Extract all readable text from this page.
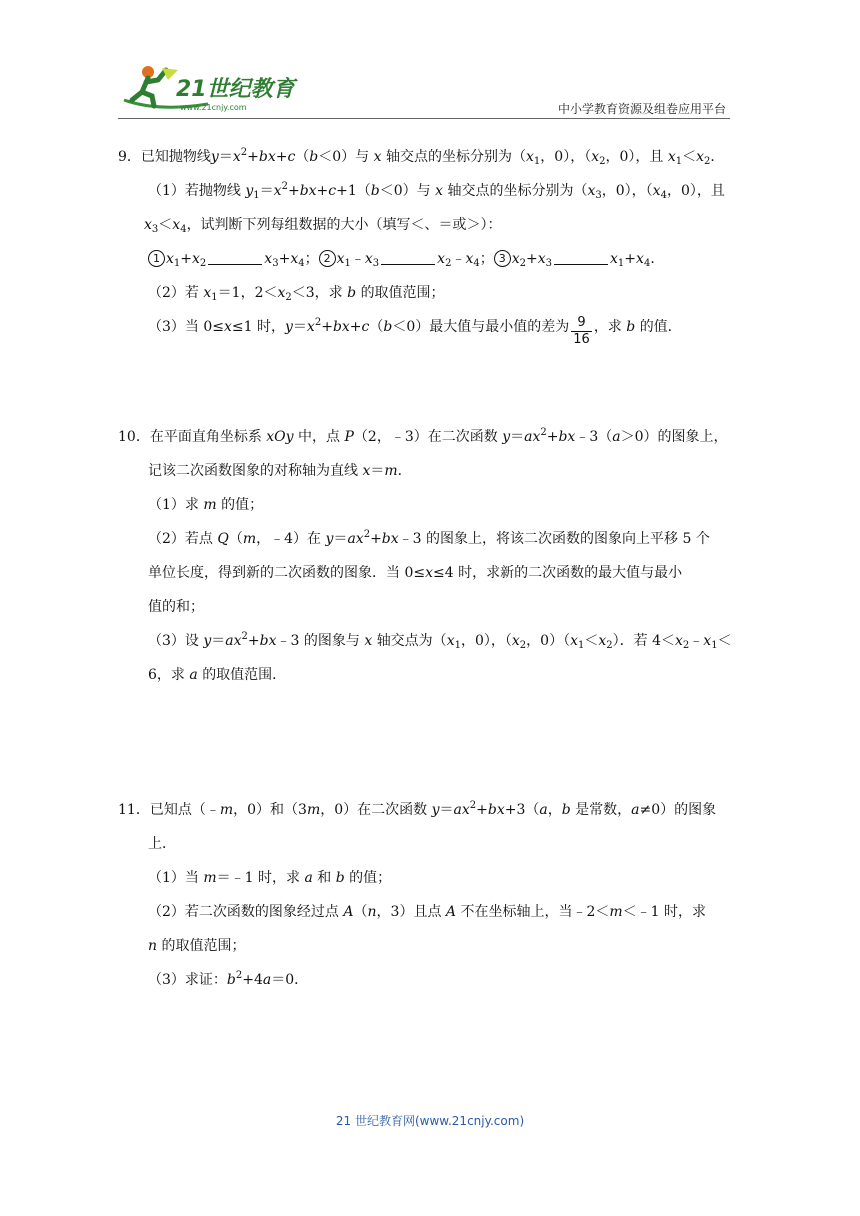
21世纪教育
www.21cnjy.com	中小学教育资源及组卷应用平台
9．已知抛物线$y=x^2+bx+c(b<0)$与 x 轴交点的坐标分别为（$x_1$，0），（$x_2$，0），且 $x_1<x_2$．
（1）若抛物线 $y_1=x^2+bx+c+1(b<0)$与 x 轴交点的坐标分别为（$x_3$，0），（$x_4$，0），且
$x_3<x_4$，试判断下列每组数据的大小（填写＜、＝或＞）：
1 $x_1+x_2$	$x_3+x_4$； 2 $x_1﹣x_3$	$x_2﹣x_4$； 3 $x_2+x_3$	$x_1+x_4$．
（2）若 $x_1=1$，$2<x_2<3$，求 b 的取值范围；
（3）当 0≤x≤1 时，$y=x^2+bx+c(b<0)$最大值与最小值的差为 $\frac{9}{16}$ ，求 b 的值．
10．在平面直角坐标系 xOy 中，点 P（2，﹣3）在二次函数 $y=ax^2+bx﹣3(a>0)$的图象上，
记该二次函数图象的对称轴为直线 x＝m．
（1）求 m 的值；
（2）若点 Q（m，﹣4）在 $y=ax^2+bx﹣3$ 的图象上，将该二次函数的图象向上平移 5 个
单位长度，得到新的二次函数的图象．当 0≤x≤4 时，求新的二次函数的最大值与最小
值的和；
（3）设 $y=ax^2+bx﹣3$ 的图象与 x 轴交点为（$x_1$，0），（$x_2$，$0)(x_1<x_2)$．若 $4<x_2﹣x_1<$
6，求 a 的取值范围．
11．已知点（﹣m，0）和（3m，0）在二次函数 $y=ax^2+bx+3(a$，b 是常数，a≠0）的图象
上．
（1）当 m＝﹣1 时，求 a 和 b 的值；
（2）若二次函数的图象经过点 A（n，3）且点 A 不在坐标轴上，当﹣2＜m＜﹣1 时，求
n 的取值范围；
（3）求证：$b^2+4a=0$．
21 世纪教育网(www.21cnjy.com)
